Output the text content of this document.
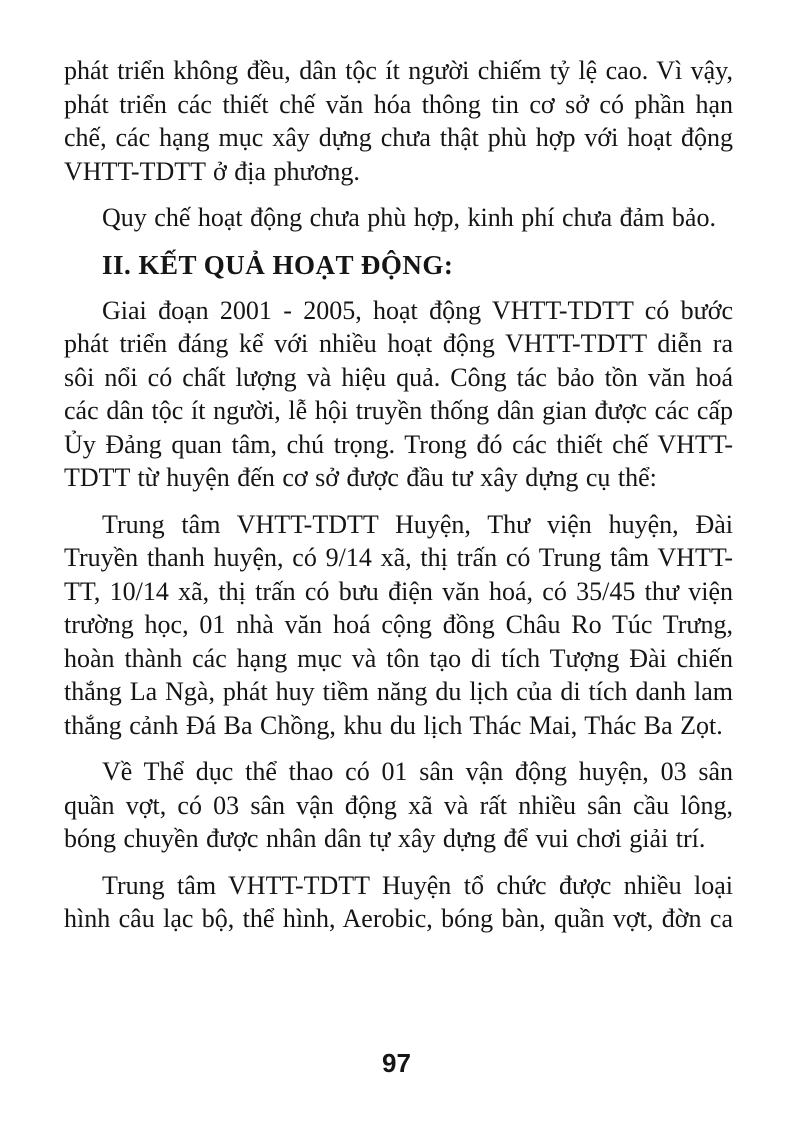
phát triển không đều, dân tộc ít người chiếm tỷ lệ cao. Vì vậy, phát triển các thiết chế văn hóa thông tin cơ sở có phần hạn chế, các hạng mục xây dựng chưa thật phù hợp với hoạt động VHTT-TDTT ở địa phương.

Quy chế hoạt động chưa phù hợp, kinh phí chưa đảm bảo.

II. KẾT QUẢ HOẠT ĐỘNG:

Giai đoạn 2001 - 2005, hoạt động VHTT-TDTT có bước phát triển đáng kể với nhiều hoạt động VHTT-TDTT diễn ra sôi nổi có chất lượng và hiệu quả. Công tác bảo tồn văn hoá các dân tộc ít người, lễ hội truyền thống dân gian được các cấp Ủy Đảng quan tâm, chú trọng. Trong đó các thiết chế VHTT-TDTT từ huyện đến cơ sở được đầu tư xây dựng cụ thể:

Trung tâm VHTT-TDTT Huyện, Thư viện huyện, Đài Truyền thanh huyện, có 9/14 xã, thị trấn có Trung tâm VHTT-TT, 10/14 xã, thị trấn có bưu điện văn hoá, có 35/45 thư viện trường học, 01 nhà văn hoá cộng đồng Châu Ro Túc Trưng, hoàn thành các hạng mục và tôn tạo di tích Tượng Đài chiến thắng La Ngà, phát huy tiềm năng du lịch của di tích danh lam thắng cảnh Đá Ba Chồng, khu du lịch Thác Mai, Thác Ba Zọt.

Về Thể dục thể thao có 01 sân vận động huyện, 03 sân quần vợt, có 03 sân vận động xã và rất nhiều sân cầu lông, bóng chuyền được nhân dân tự xây dựng để vui chơi giải trí.

Trung tâm VHTT-TDTT Huyện tổ chức được nhiều loại hình câu lạc bộ, thể hình, Aerobic, bóng bàn, quần vợt, đờn ca

97
